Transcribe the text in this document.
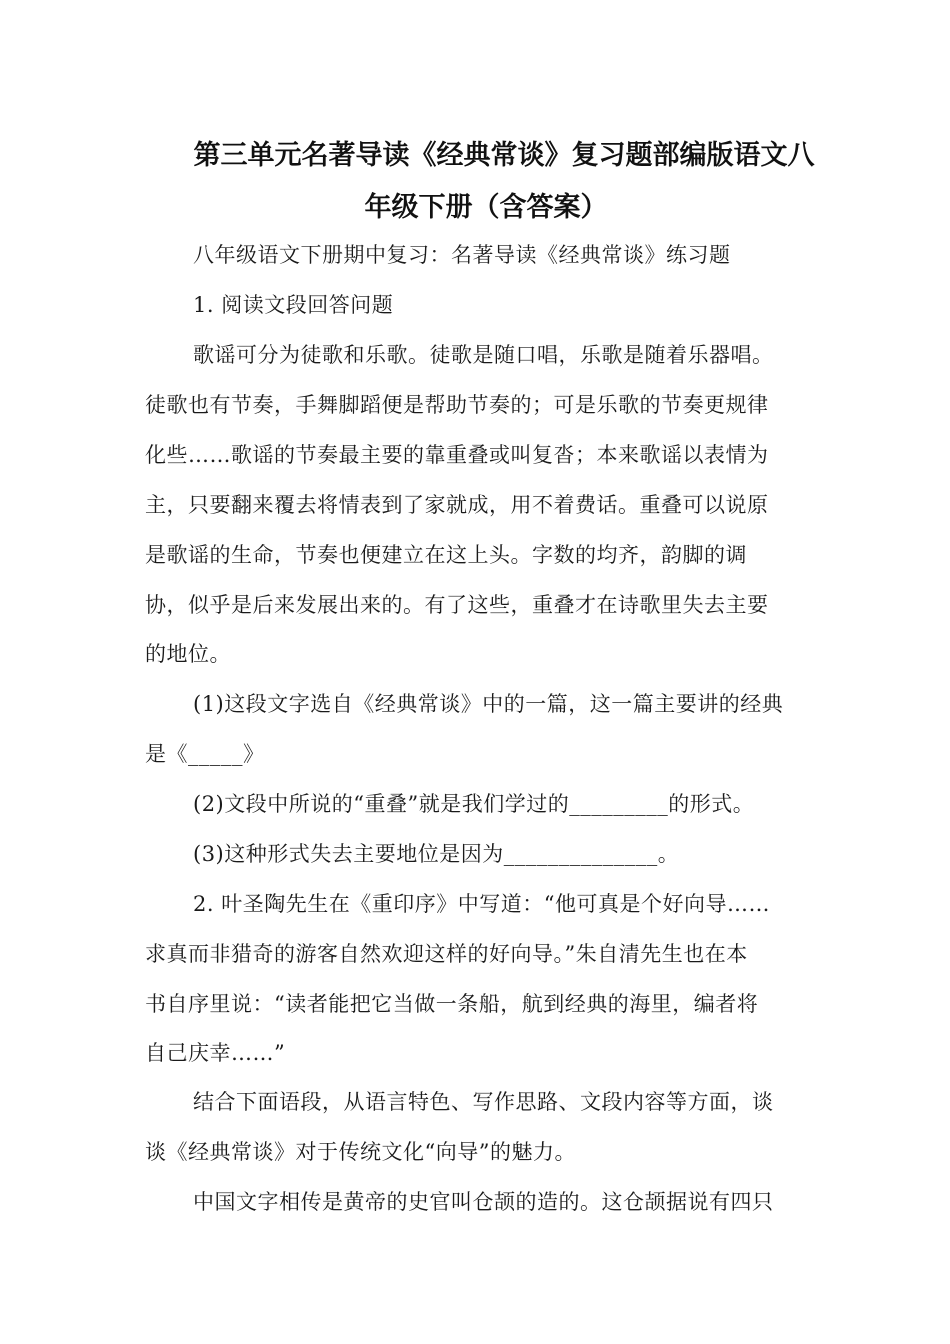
第三单元名著导读《经典常谈》复习题部编版语文八
年级下册（含答案）
八年级语文下册期中复习：名著导读《经典常谈》练习题
1. 阅读文段回答问题
歌谣可分为徒歌和乐歌。徒歌是随口唱，乐歌是随着乐器唱。
徒歌也有节奏，手舞脚蹈便是帮助节奏的；可是乐歌的节奏更规律
化些……歌谣的节奏最主要的靠重叠或叫复沓；本来歌谣以表情为
主，只要翻来覆去将情表到了家就成，用不着费话。重叠可以说原
是歌谣的生命，节奏也便建立在这上头。字数的均齐，韵脚的调
协，似乎是后来发展出来的。有了这些，重叠才在诗歌里失去主要
的地位。
(1)这段文字选自《经典常谈》中的一篇，这一篇主要讲的经典
是《_____》
(2)文段中所说的“重叠”就是我们学过的_________的形式。
(3)这种形式失去主要地位是因为______________。
2. 叶圣陶先生在《重印序》中写道：“他可真是个好向导……
求真而非猎奇的游客自然欢迎这样的好向导。”朱自清先生也在本
书自序里说：“读者能把它当做一条船，航到经典的海里，编者将
自己庆幸……”
结合下面语段，从语言特色、写作思路、文段内容等方面，谈
谈《经典常谈》对于传统文化“向导”的魅力。
中国文字相传是黄帝的史官叫仓颉的造的。这仓颉据说有四只
